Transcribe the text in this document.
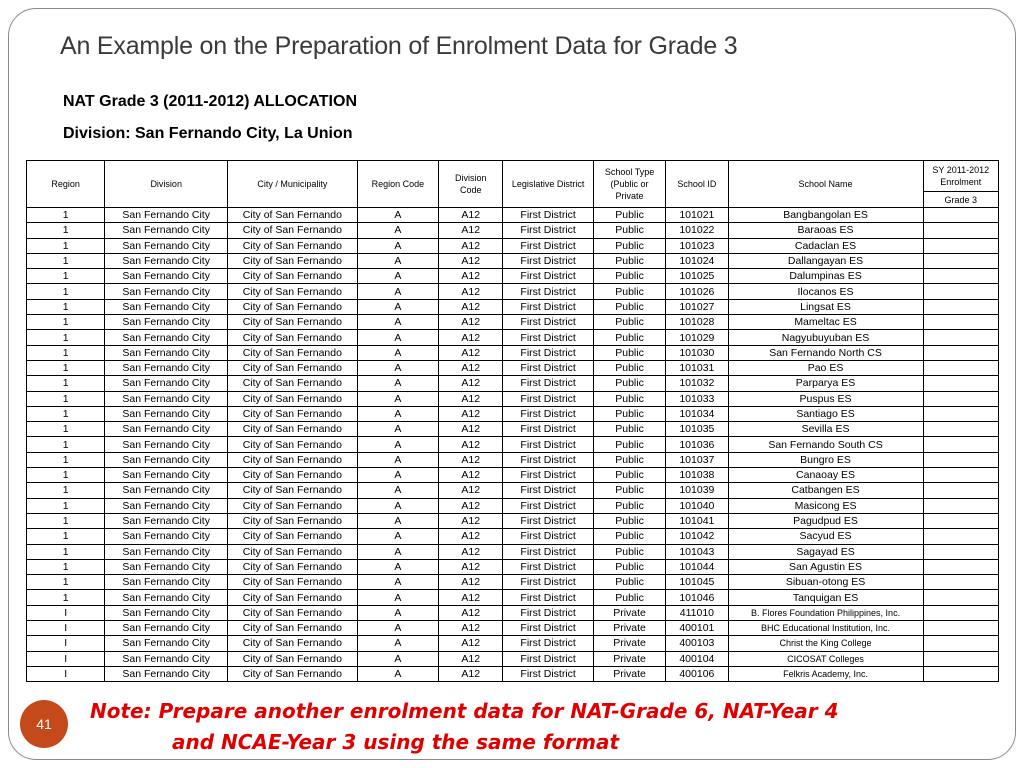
An Example on the Preparation of Enrolment Data for Grade 3
NAT Grade 3 (2011-2012) ALLOCATION
Division: San Fernando City, La Union
Region	Division	City / Municipality	Region Code	Division Code	Legislative District	School Type (Public or Private	School ID	School Name	SY 2011-2012 Enrolment
									Grade 3
1	San Fernando City	City of San Fernando	A	A12	First District	Public	101021	Bangbangolan ES	
1	San Fernando City	City of San Fernando	A	A12	First District	Public	101022	Baraoas ES	
1	San Fernando City	City of San Fernando	A	A12	First District	Public	101023	Cadaclan ES	
1	San Fernando City	City of San Fernando	A	A12	First District	Public	101024	Dallangayan ES	
1	San Fernando City	City of San Fernando	A	A12	First District	Public	101025	Dalumpinas ES	
1	San Fernando City	City of San Fernando	A	A12	First District	Public	101026	Ilocanos ES	
1	San Fernando City	City of San Fernando	A	A12	First District	Public	101027	Lingsat ES	
1	San Fernando City	City of San Fernando	A	A12	First District	Public	101028	Mameltac ES	
1	San Fernando City	City of San Fernando	A	A12	First District	Public	101029	Nagyubuyuban ES	
1	San Fernando City	City of San Fernando	A	A12	First District	Public	101030	San Fernando North CS	
1	San Fernando City	City of San Fernando	A	A12	First District	Public	101031	Pao ES	
1	San Fernando City	City of San Fernando	A	A12	First District	Public	101032	Parparya ES	
1	San Fernando City	City of San Fernando	A	A12	First District	Public	101033	Puspus ES	
1	San Fernando City	City of San Fernando	A	A12	First District	Public	101034	Santiago ES	
1	San Fernando City	City of San Fernando	A	A12	First District	Public	101035	Sevilla ES	
1	San Fernando City	City of San Fernando	A	A12	First District	Public	101036	San Fernando South CS	
1	San Fernando City	City of San Fernando	A	A12	First District	Public	101037	Bungro ES	
1	San Fernando City	City of San Fernando	A	A12	First District	Public	101038	Canaoay ES	
1	San Fernando City	City of San Fernando	A	A12	First District	Public	101039	Catbangen ES	
1	San Fernando City	City of San Fernando	A	A12	First District	Public	101040	Masicong ES	
1	San Fernando City	City of San Fernando	A	A12	First District	Public	101041	Pagudpud ES	
1	San Fernando City	City of San Fernando	A	A12	First District	Public	101042	Sacyud ES	
1	San Fernando City	City of San Fernando	A	A12	First District	Public	101043	Sagayad ES	
1	San Fernando City	City of San Fernando	A	A12	First District	Public	101044	San Agustin ES	
1	San Fernando City	City of San Fernando	A	A12	First District	Public	101045	Sibuan-otong ES	
1	San Fernando City	City of San Fernando	A	A12	First District	Public	101046	Tanquigan ES	
I	San Fernando City	City of San Fernando	A	A12	First District	Private	411010	B. Flores Foundation Philippines, Inc.	
I	San Fernando City	City of San Fernando	A	A12	First District	Private	400101	BHC Educational Institution, Inc.	
I	San Fernando City	City of San Fernando	A	A12	First District	Private	400103	Christ the King College	
I	San Fernando City	City of San Fernando	A	A12	First District	Private	400104	CICOSAT Colleges	
I	San Fernando City	City of San Fernando	A	A12	First District	Private	400106	Felkris Academy, Inc.	
41
Note: Prepare another enrolment data for NAT-Grade 6, NAT-Year 4
and NCAE-Year 3 using the same format
